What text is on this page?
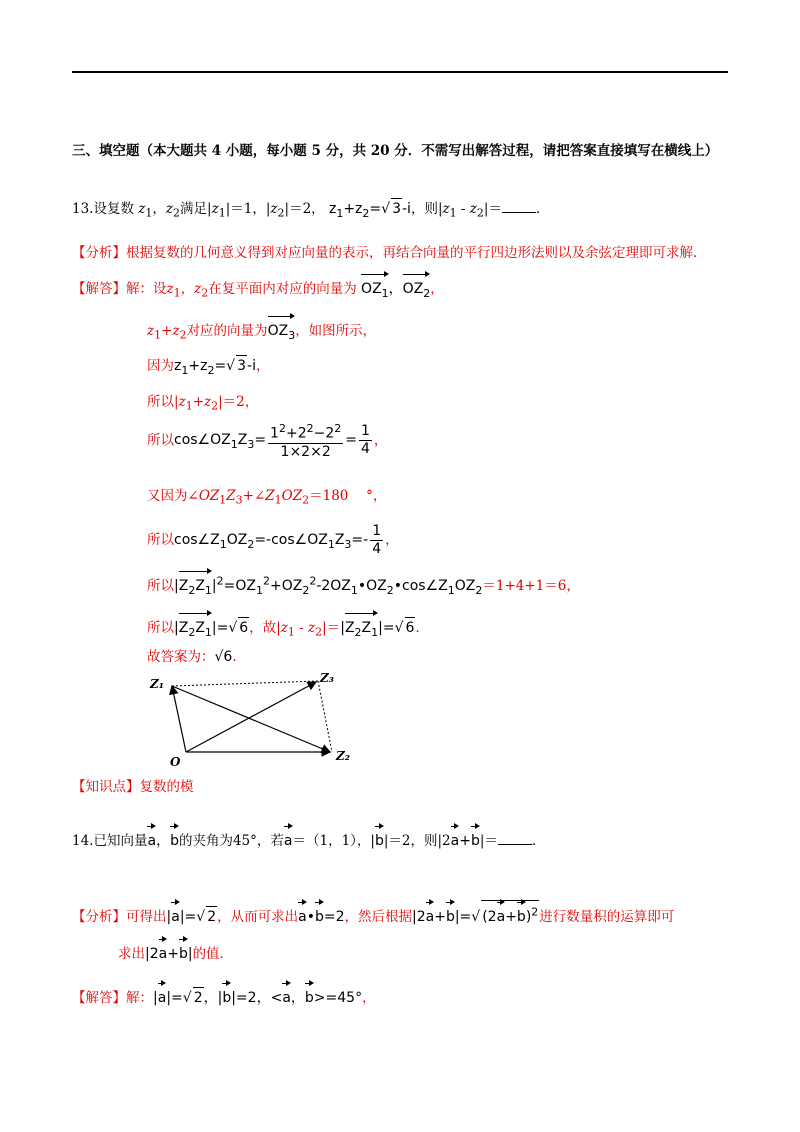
三、填空题（本大题共 4 小题，每小题 5 分，共 20 分．不需写出解答过程，请把答案直接填写在横线上）
13.设复数 $z_1$，$z_2$满足$|z_1|=1$，$|z_2|=2$， $z_1+z_2=√$ 3-i，则$|z_1 - z_2|=$	．
【分析】根据复数的几何意义得到对应向量的表示，再结合向量的平行四边形法则以及余弦定理即可求解．
【解答】解：设$z_1$，$z_2$在复平面内对应的向量为 $OZ_1$，$OZ_2$，
$z_1+z_2$对应的向量为$OZ_3$，如图所示，
因为$z_1+z_2=√$ 3-i，
所以$|z_1+z_2|=2$，
所以$\cos\angle OZ_1Z_3= \frac{1^2+2^2-2^2}{1\times 2\times 2} = \frac{1}{4}$ ，
又因为$\angle OZ_1Z_3+\angle Z_1OZ_2=180$　 °，
所以$\cos\angle Z_1OZ_2=-\cos\angle OZ_1Z_3=- \frac{1}{4}$ ，
所以$|Z_2Z_1|^2=OZ_1^2+OZ_2^2-2OZ_1•OZ_2•\cos\angle Z_1OZ_2=1+4+1=6$，
所以$|Z_2Z_1|=√$ 6，故$|z_1 - z_2|=|Z_2Z_1|=√$ 6．
故答案为：√6．
Z₁	Z₃
O	Z₂
【知识点】复数的模
14.已知向量a，b的夹角为45°，若a＝（1，1），|b|＝2，则|2a+b|＝	．
【分析】可得出|a|=√ 2，从而可求出a•b=2，然后根据|2a+b|=√ $(2a+b)^2$进行数量积的运算即可
求出|2a+b|的值．
【解答】解：|a|=√ 2，|b|=2，<a，b>=45°，
